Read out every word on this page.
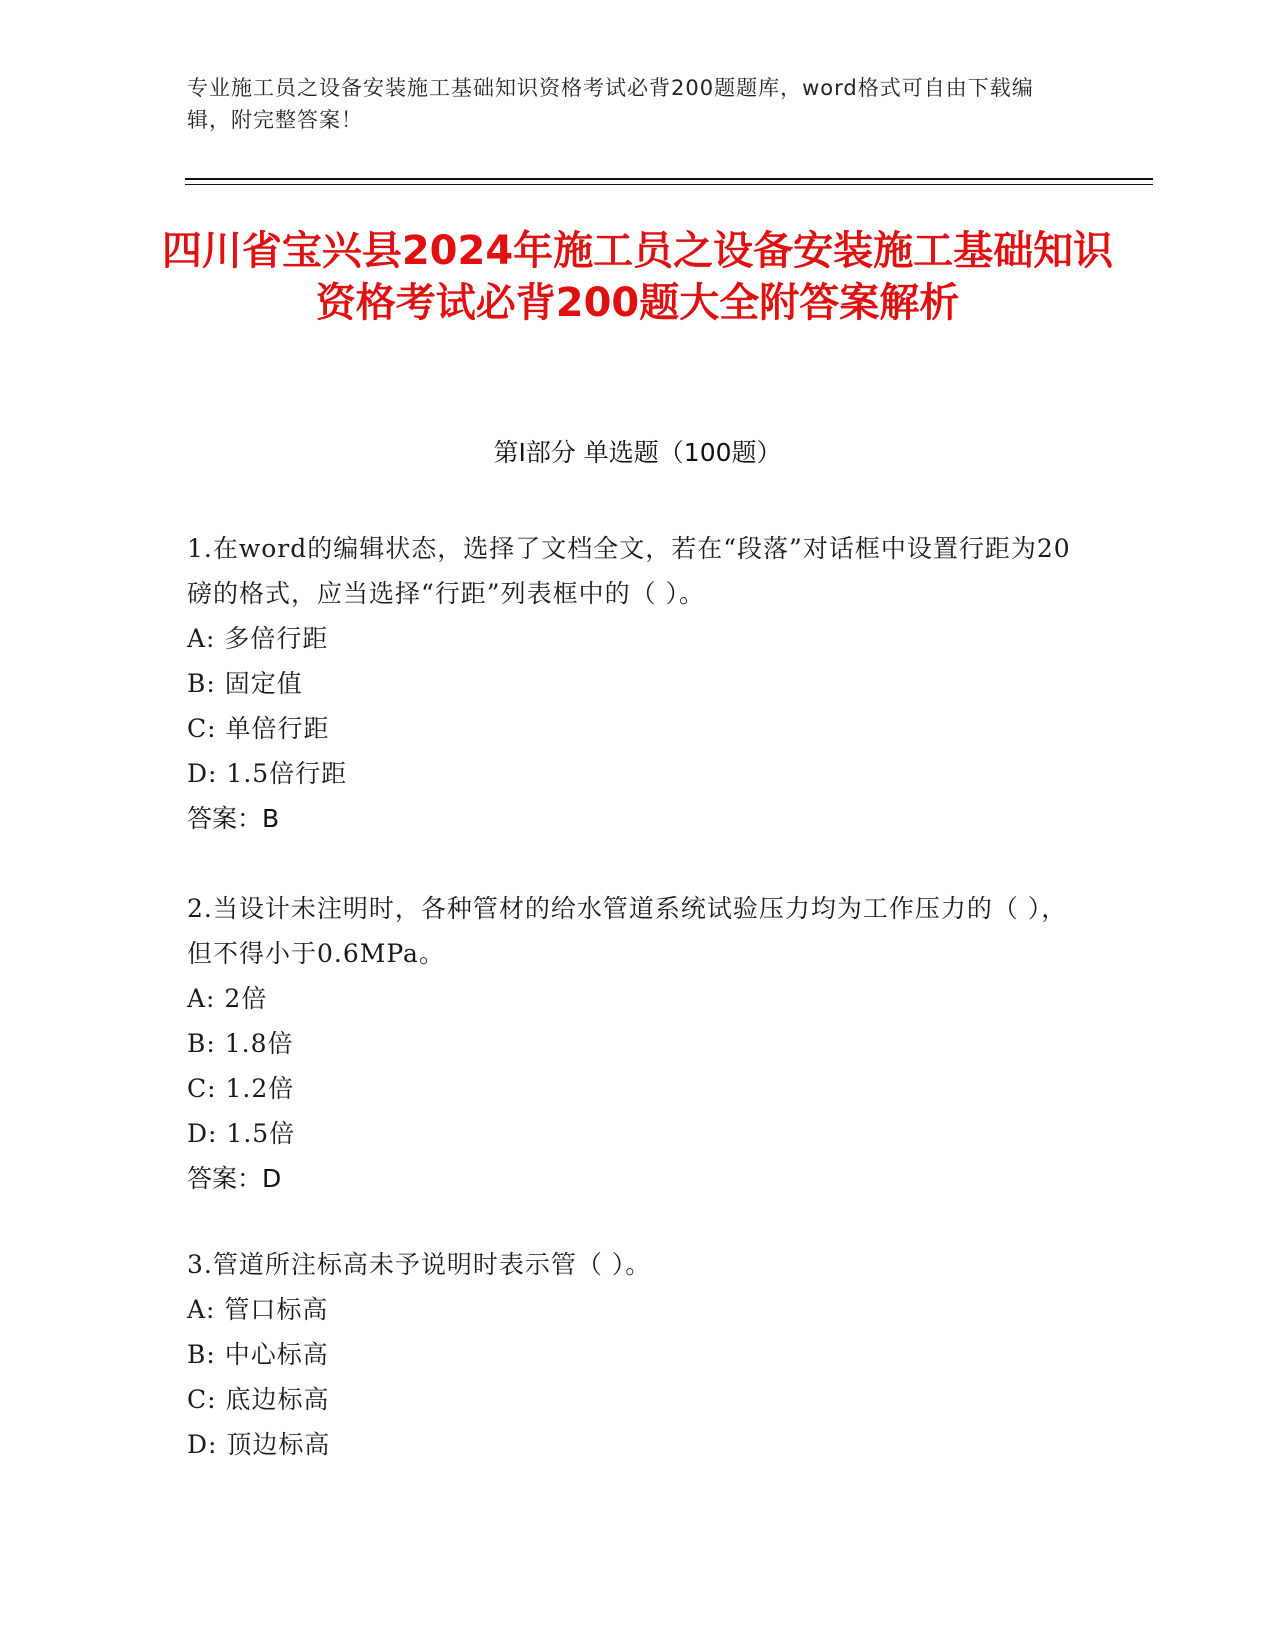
专业施工员之设备安装施工基础知识资格考试必背200题题库，word格式可自由下载编辑，附完整答案！
四川省宝兴县2024年施工员之设备安装施工基础知识资格考试必背200题大全附答案解析
第I部分 单选题（100题）
1.在word的编辑状态，选择了文档全文，若在“段落”对话框中设置行距为20磅的格式，应当选择“行距”列表框中的（ ）。
A: 多倍行距
B: 固定值
C: 单倍行距
D: 1.5倍行距
答案：B
2.当设计未注明时，各种管材的给水管道系统试验压力均为工作压力的（ ），但不得小于0.6MPa。
A: 2倍
B: 1.8倍
C: 1.2倍
D: 1.5倍
答案：D
3.管道所注标高未予说明时表示管（ ）。
A: 管口标高
B: 中心标高
C: 底边标高
D: 顶边标高
